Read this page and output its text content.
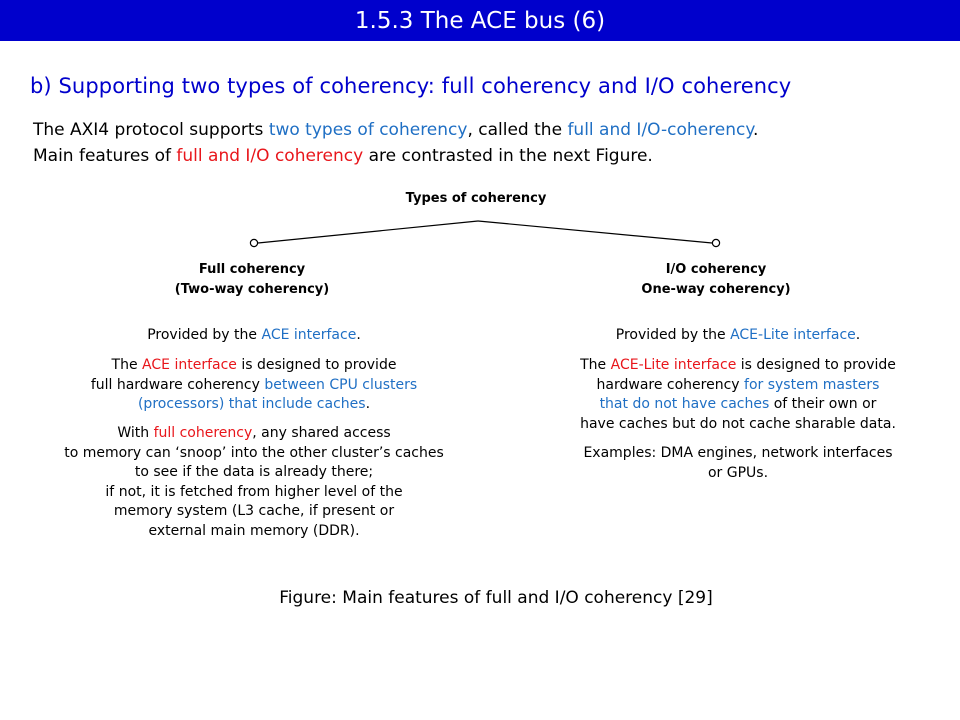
1.5.3 The ACE bus (6)
b) Supporting two types of coherency: full coherency and I/O coherency
The AXI4 protocol supports two types of coherency, called the full and I/O-coherency.
Main features of full and I/O coherency are contrasted in the next Figure.
Types of coherency
Full coherency
(Two-way coherency)
I/O coherency
One-way coherency)
Provided by the ACE interface.
The ACE interface is designed to provide
full hardware coherency between CPU clusters
(processors) that include caches.
With full coherency, any shared access
to memory can ‘snoop’ into the other cluster’s caches
to see if the data is already there;
if not, it is fetched from higher level of the
memory system (L3 cache, if present or
external main memory (DDR).
Provided by the ACE-Lite interface.
The ACE-Lite interface is designed to provide
hardware coherency for system masters
that do not have caches of their own or
have caches but do not cache sharable data.
Examples: DMA engines, network interfaces
or GPUs.
Figure: Main features of full and I/O coherency [29]
